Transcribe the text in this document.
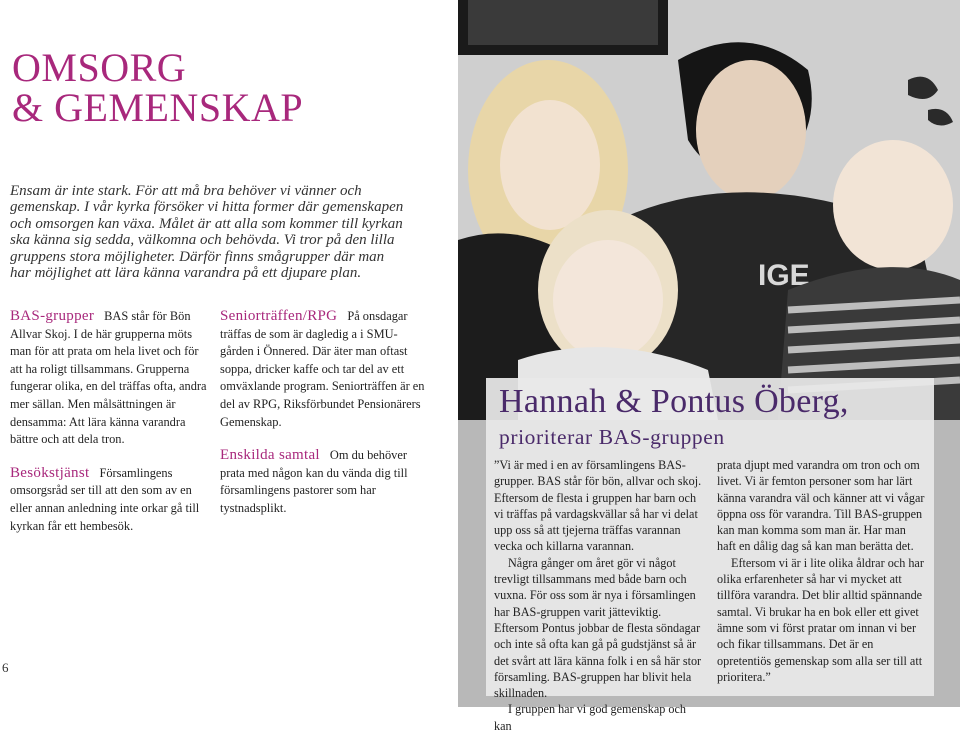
OMSORG
& GEMENSKAP

Ensam är inte stark. För att må bra behöver vi vänner och gemenskap. I vår kyrka försöker vi hitta former där gemenskapen och omsorgen kan växa. Målet är att alla som kommer till kyrkan ska känna sig sedda, välkomna och behövda. Vi tror på den lilla gruppens stora möjligheter. Därför finns smågrupper där man har möjlighet att lära känna varandra på ett djupare plan.

BAS-grupper BAS står för Bön Allvar Skoj. I de här grupperna möts man för att prata om hela livet och för att ha roligt tillsammans. Grupperna fungerar olika, en del träffas ofta, andra mer sällan. Men målsättningen är densamma: Att lära känna varandra bättre och att dela tron.

Besökstjänst Församlingens omsorgsråd ser till att den som av en eller annan anledning inte orkar gå till kyrkan får ett hembesök.

Seniorträffen/RPG På onsdagar träffas de som är dagledig a i SMU-gården i Önnered. Där äter man oftast soppa, dricker kaffe och tar del av ett omväxlande program. Seniorträffen är en del av RPG, Riksförbundet Pensionärers Gemenskap.

Enskilda samtal Om du behöver prata med någon kan du vända dig till församlingens pastorer som har tystnadsplikt.

6
IGE
Hannah & Pontus Öberg,
prioriterar BAS-gruppen

”Vi är med i en av församlingens BAS-grupper. BAS står för bön, allvar och skoj. Eftersom de flesta i gruppen har barn och vi träffas på vardagskvällar så har vi delat upp oss så att tjejerna träffas varannan vecka och killarna varannan.

Några gånger om året gör vi något trevligt tillsammans med både barn och vuxna. För oss som är nya i församlingen har BAS-gruppen varit jätteviktig. Eftersom Pontus jobbar de flesta söndagar och inte så ofta kan gå på gudstjänst så är det svårt att lära känna folk i en så här stor församling. BAS-gruppen har blivit hela skillnaden.

I gruppen har vi god gemenskap och kan

prata djupt med varandra om tron och om livet. Vi är femton personer som har lärt känna varandra väl och känner att vi vågar öppna oss för varandra. Till BAS-gruppen kan man komma som man är. Har man haft en dålig dag så kan man berätta det.

Eftersom vi är i lite olika åldrar och har olika erfarenheter så har vi mycket att tillföra varandra. Det blir alltid spännande samtal. Vi brukar ha en bok eller ett givet ämne som vi först pratar om innan vi ber och fikar tillsammans. Det är en opretentiös gemenskap som alla ser till att prioritera.”
